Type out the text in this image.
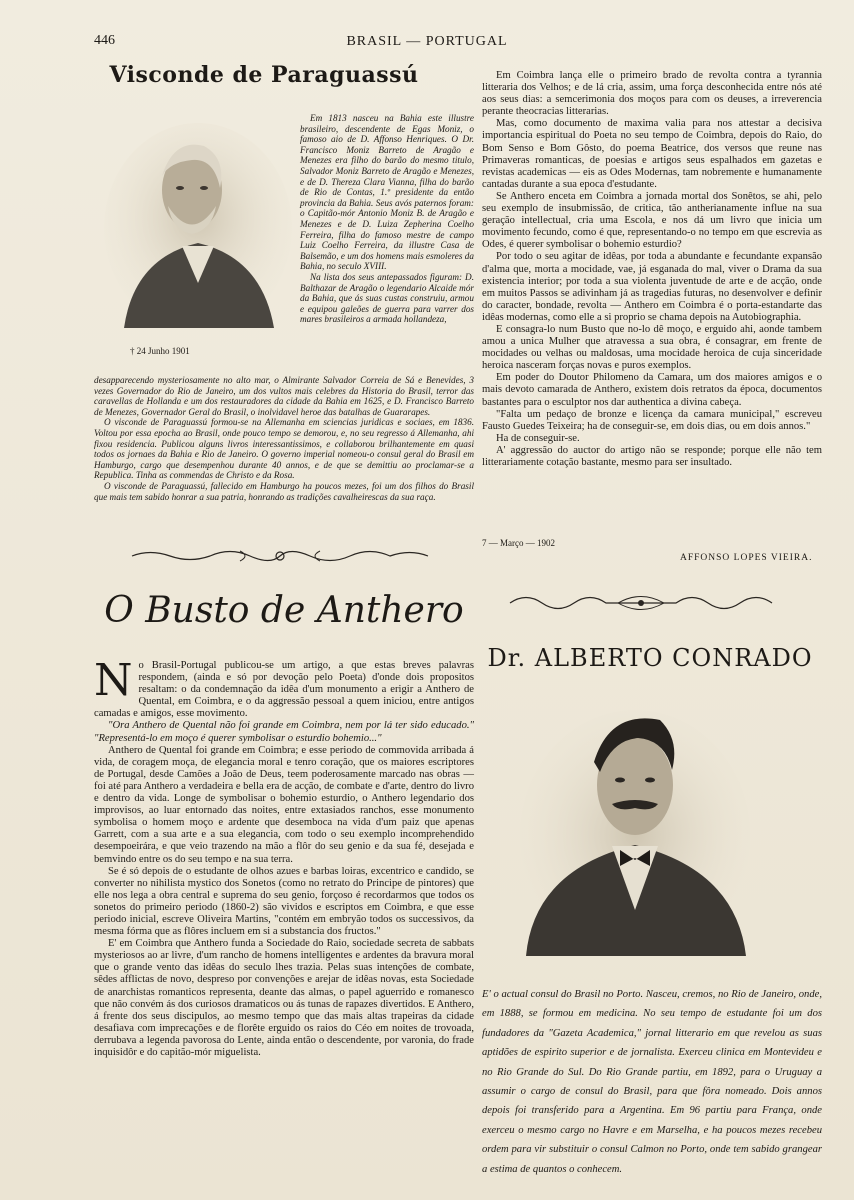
446	BRASIL — PORTUGAL
Visconde de Paraguassú
† 24 Junho 1901

Em 1813 nasceu na Bahia este illustre brasileiro, descendente de Egas Moniz, o famoso aio de D. Affonso Henriques. O Dr. Francisco Moniz Barreto de Aragão e Menezes era filho do barão do mesmo titulo, Salvador Moniz Barreto de Aragão e Menezes, e de D. Thereza Clara Vianna, filha do barão de Rio de Contas, 1.º presidente da então provincia da Bahia. Seus avós paternos foram: o Capitão-mór Antonio Moniz B. de Aragão e Menezes e de D. Luiza Zepherina Coelho Ferreira, filha do famoso mestre de campo Luiz Coelho Ferreira, da illustre Casa de Balsemão, e um dos homens mais esmoleres da Bahia, no seculo XVIII.

Na lista dos seus antepassados figuram: D. Balthazar de Aragão o legendario Alcaide mór da Bahia, que ás suas custas construiu, armou e equipou galeões de guerra para varrer dos mares brasileiros a armada hollandeza,

desapparecendo mysteriosamente no alto mar, o Almirante Salvador Correia de Sá e Benevides, 3 vezes Governador do Rio de Janeiro, um dos vultos mais celebres da Historia do Brasil, terror das caravellas de Hollanda e um dos restauradores da cidade da Bahia em 1625, e D. Francisco Barreto de Menezes, Governador Geral do Brasil, o inolvidavel heroe das batalhas de Guararapes.

O visconde de Paraguassú formou-se na Allemanha em sciencias juridicas e sociaes, em 1836. Voltou por essa epocha ao Brasil, onde pouco tempo se demorou, e, no seu regresso á Allemanha, ahi fixou residencia. Publicou alguns livros interessantissimos, e collaborou brilhantemente em quasi todos os jornaes da Bahia e Rio de Janeiro. O governo imperial nomeou-o consul geral do Brasil em Hamburgo, cargo que desempenhou durante 40 annos, e de que se demittiu ao proclamar-se a Republica. Tinha as commendas de Christo e da Rosa.

O visconde de Paraguassú, fallecido em Hamburgo ha poucos mezes, foi um dos filhos do Brasil que mais tem sabido honrar a sua patria, honrando as tradições cavalheirescas da sua raça.

O Busto de Anthero

No Brasil-Portugal publicou-se um artigo, a que estas breves palavras respondem, (ainda e só por devoção pelo Poeta) d'onde dois propositos resaltam: o da condemnação da idêa d'um monumento a erigir a Anthero de Quental, em Coimbra, e o da aggressão pessoal a quem iniciou, entre antigos camadas e amigos, esse movimento.

"Ora Anthero de Quental não foi grande em Coimbra, nem por lá ter sido educado." "Representá-lo em moço é querer symbolisar o esturdio bohemio..."

Anthero de Quental foi grande em Coimbra; e esse periodo de commovida arribada á vida, de coragem moça, de elegancia moral e tenro coração, que os maiores escriptores de Portugal, desde Camões a João de Deus, teem poderosamente marcado nas obras — foi até para Anthero a verdadeira e bella era de acção, de combate e d'arte, dentro do livro e dentro da vida. Longe de symbolisar o bohemio esturdio, o Anthero legendario dos improvisos, ao luar entornado das noites, entre extasiados ranchos, esse monumento symbolisa o homem moço e ardente que desemboca na vida d'um paiz que apenas Garrett, com a sua arte e a sua elegancia, com todo o seu exemplo incomprehendido desempoeirára, e que veio trazendo na mão a flôr do seu genio e da sua fé, desejada e bemvindo entre os do seu tempo e na sua terra.

Se é só depois de o estudante de olhos azues e barbas loiras, excentrico e candido, se converter no nihilista mystico dos Sonetos (como no retrato do Principe de pintores) que elle nos lega a obra central e suprema do seu genio, forçoso é recordarmos que todos os sonetos do primeiro periodo (1860-2) são vividos e escriptos em Coimbra, e que esse periodo inicial, escreve Oliveira Martins, "contém em embryão todos os successivos, da mesma fórma que as flôres incluem em si a substancia dos fructos."

E' em Coimbra que Anthero funda a Sociedade do Raio, sociedade secreta de sabbats mysteriosos ao ar livre, d'um rancho de homens intelligentes e ardentes da bravura moral que o grande vento das idêas do seculo lhes trazia. Pelas suas intenções de combate, sêdes afflictas de novo, despreso por convenções e arejar de idêas novas, esta Sociedade de anarchistas romanticos representa, deante das almas, o papel aguerrido e romanesco que não convém ás dos curiosos dramaticos ou ás tunas de rapazes divertidos. E Anthero, á frente dos seus discipulos, ao mesmo tempo que das mais altas trapeiras da cidade desafiava com imprecações e de florête erguido os raios do Céo em noites de trovoada, derrubava a legenda pavorosa do Lente, ainda então o descendente, por varonia, do frade inquisidôr e do capitão-mór miguelista.

Em Coimbra lança elle o primeiro brado de revolta contra a tyrannia litteraria dos Velhos; e de lá cria, assim, uma força desconhecida entre nós até aos seus dias: a semcerimonia dos moços para com os deuses, a irreverencia perante theocracias litterarias.

Mas, como documento de maxima valia para nos attestar a decisiva importancia espiritual do Poeta no seu tempo de Coimbra, depois do Raio, do Bom Senso e Bom Gôsto, do poema Beatrice, dos versos que reune nas Primaveras romanticas, de poesias e artigos seus espalhados em gazetas e revistas academicas — eis as Odes Modernas, tam nobremente e humanamente cantadas durante a sua epoca d'estudante.

Se Anthero enceta em Coimbra a jornada mortal dos Sonêtos, se ahi, pelo seu exemplo de insubmissão, de critica, tão antherianamente influe na sua geração intellectual, cria uma Escola, e nos dá um livro que inicia um movimento fecundo, como é que, representando-o no tempo em que escrevia as Odes, é querer symbolisar o bohemio esturdio?

Por todo o seu agitar de idêas, por toda a abundante e fecundante expansão d'alma que, morta a mocidade, vae, já esganada do mal, viver o Drama da sua existencia interior; por toda a sua violenta juventude de arte e de acção, onde em muitos Passos se adivinham já as tragedias futuras, no desenvolver e definir do caracter, bondade, revolta — Anthero em Coimbra é o porta-estandarte das idêas modernas, como elle a si proprio se chama depois na Autobiographia.

E consagra-lo num Busto que no-lo dê moço, e erguido ahi, aonde tambem amou a unica Mulher que atravessa a sua obra, é consagrar, em frente de mocidades ou velhas ou maldosas, uma mocidade heroica de cuja sinceridade heroica nasceram forças novas e puros exemplos.

Em poder do Doutor Philomeno da Camara, um dos maiores amigos e o mais devoto camarada de Anthero, existem dois retratos da época, documentos bastantes para o esculptor nos dar authentica a divina cabeça.

"Falta um pedaço de bronze e licença da camara municipal," escreveu Fausto Guedes Teixeira; ha de conseguir-se, em dois dias, ou em dois annos."

Ha de conseguir-se.

A' aggressão do auctor do artigo não se responde; porque elle não tem litterariamente cotação bastante, mesmo para ser insultado.

7 — Março — 1902
AFFONSO LOPES VIEIRA.
Dr. ALBERTO CONRADO
E' o actual consul do Brasil no Porto. Nasceu, cremos, no Rio de Janeiro, onde, em 1888, se formou em medicina. No seu tempo de estudante foi um dos fundadores da "Gazeta Academica," jornal litterario em que revelou as suas aptidões de espirito superior e de jornalista. Exerceu clinica em Montevideu e no Rio Grande do Sul. Do Rio Grande partiu, em 1892, para o Uruguay a assumir o cargo de consul do Brasil, para que fôra nomeado. Dois annos depois foi transferido para a Argentina. Em 96 partiu para França, onde exerceu o mesmo cargo no Havre e em Marselha, e ha poucos mezes recebeu ordem para vir substituir o consul Calmon no Porto, onde tem sabido grangear a estima de quantos o conhecem.
